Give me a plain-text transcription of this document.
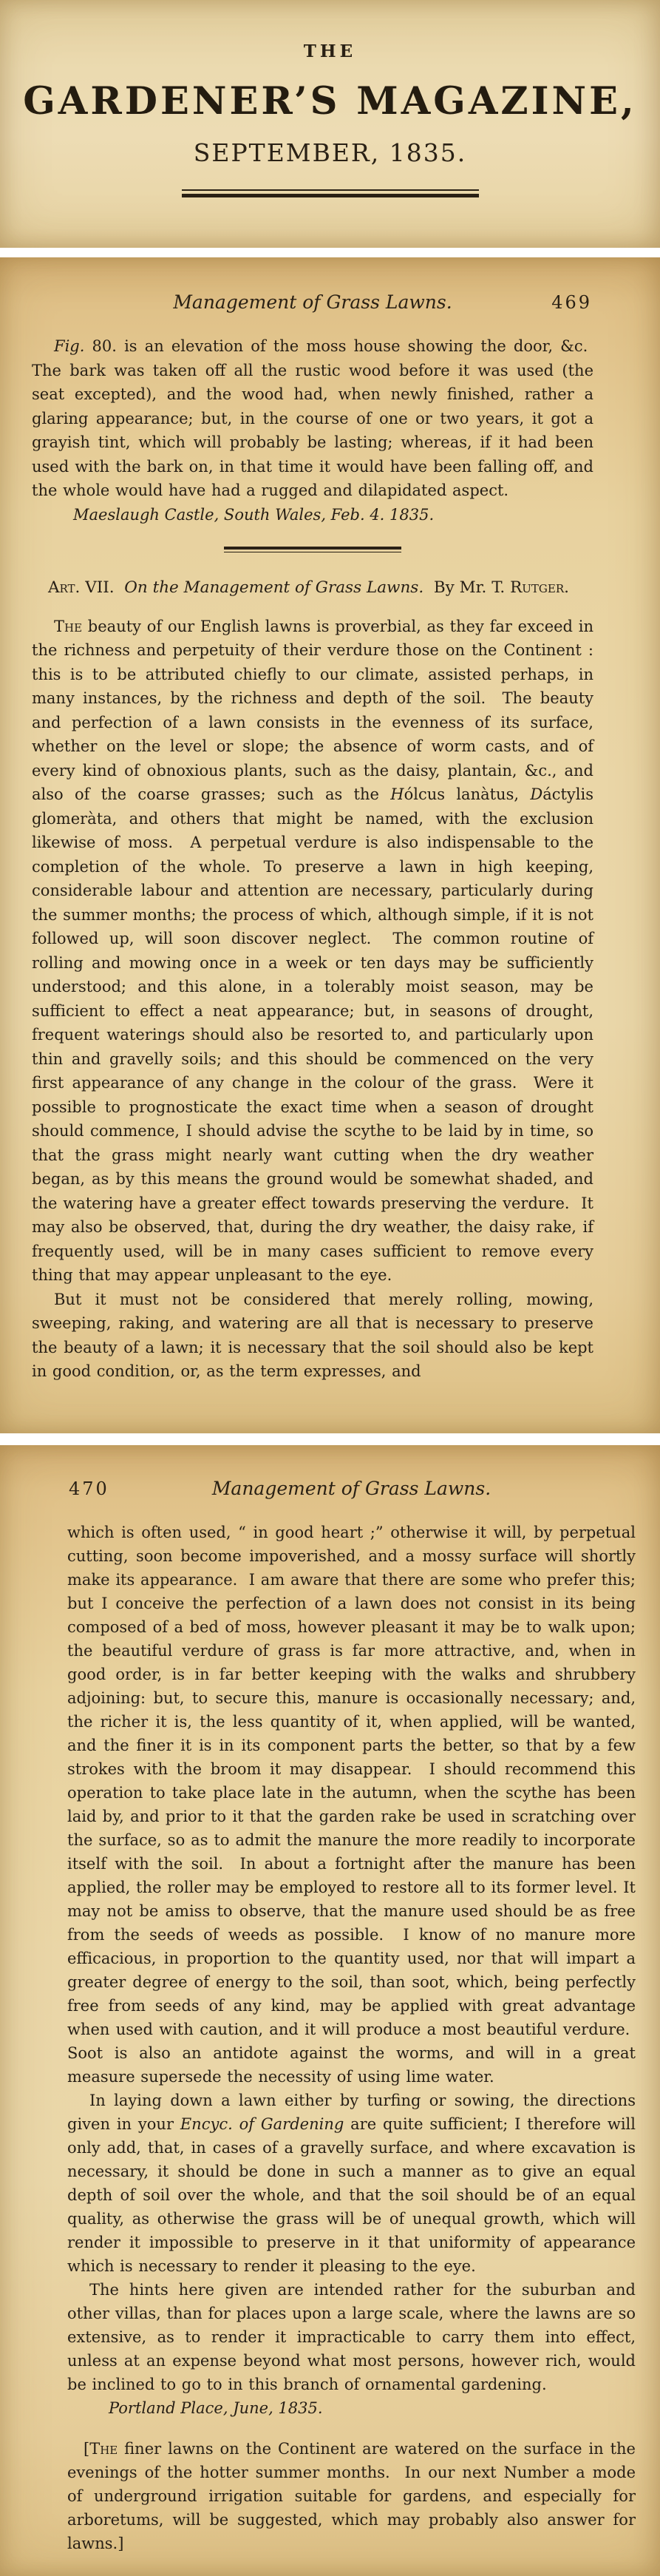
THE
GARDENER’S MAGAZINE,
SEPTEMBER, 1835.
Management of Grass Lawns.	469

Fig. 80. is an elevation of the moss house showing the door, &c.  The bark was taken off all the rustic wood before it was used (the seat excepted), and the wood had, when newly finished, rather a glaring appearance; but, in the course of one or two years, it got a grayish tint, which will probably be lasting; whereas, if it had been used with the bark on, in that time it would have been falling off, and the whole would have had a rugged and dilapidated aspect.

Maeslaugh Castle, South Wales, Feb. 4. 1835.

Art. VII.  On the Management of Grass Lawns.  By Mr. T. Rutger.

The beauty of our English lawns is proverbial, as they far exceed in the richness and perpetuity of their verdure those on the Continent : this is to be attributed chiefly to our climate, assisted perhaps, in many instances, by the richness and depth of the soil.  The beauty and perfection of a lawn consists in the evenness of its surface, whether on the level or slope; the absence of worm casts, and of every kind of obnoxious plants, such as the daisy, plantain, &c., and also of the coarse grasses; such as the Hólcus lanàtus, Dáctylis glomeràta, and others that might be named, with the exclusion likewise of moss.  A perpetual verdure is also indispensable to the completion of the whole. To preserve a lawn in high keeping, considerable labour and attention are necessary, particularly during the summer months; the process of which, although simple, if it is not followed up, will soon discover neglect.  The common routine of rolling and mowing once in a week or ten days may be sufficiently understood; and this alone, in a tolerably moist season, may be sufficient to effect a neat appearance; but, in seasons of drought, frequent waterings should also be resorted to, and particularly upon thin and gravelly soils; and this should be commenced on the very first appearance of any change in the colour of the grass.  Were it possible to prognosticate the exact time when a season of drought should commence, I should advise the scythe to be laid by in time, so that the grass might nearly want cutting when the dry weather began, as by this means the ground would be somewhat shaded, and the watering have a greater effect towards preserving the verdure.  It may also be observed, that, during the dry weather, the daisy rake, if frequently used, will be in many cases sufficient to remove every thing that may appear unpleasant to the eye.

But it must not be considered that merely rolling, mowing, sweeping, raking, and watering are all that is necessary to preserve the beauty of a lawn; it is necessary that the soil should also be kept in good condition, or, as the term expresses, and

470	Management of Grass Lawns.

which is often used, “ in good heart ;” otherwise it will, by perpetual cutting, soon become impoverished, and a mossy surface will shortly make its appearance.  I am aware that there are some who prefer this; but I conceive the perfection of a lawn does not consist in its being composed of a bed of moss, however pleasant it may be to walk upon; the beautiful verdure of grass is far more attractive, and, when in good order, is in far better keeping with the walks and shrubbery adjoining: but, to secure this, manure is occasionally necessary; and, the richer it is, the less quantity of it, when applied, will be wanted, and the finer it is in its component parts the better, so that by a few strokes with the broom it may disappear.  I should recommend this operation to take place late in the autumn, when the scythe has been laid by, and prior to it that the garden rake be used in scratching over the surface, so as to admit the manure the more readily to incorporate itself with the soil.  In about a fortnight after the manure has been applied, the roller may be employed to restore all to its former level. It may not be amiss to observe, that the manure used should be as free from the seeds of weeds as possible.  I know of no manure more efficacious, in proportion to the quantity used, nor that will impart a greater degree of energy to the soil, than soot, which, being perfectly free from seeds of any kind, may be applied with great advantage when used with caution, and it will produce a most beautiful verdure.  Soot is also an antidote against the worms, and will in a great measure supersede the necessity of using lime water.

In laying down a lawn either by turfing or sowing, the directions given in your Encyc. of Gardening are quite sufficient; I therefore will only add, that, in cases of a gravelly surface, and where excavation is necessary, it should be done in such a manner as to give an equal depth of soil over the whole, and that the soil should be of an equal quality, as otherwise the grass will be of unequal growth, which will render it impossible to preserve in it that uniformity of appearance which is necessary to render it pleasing to the eye.

The hints here given are intended rather for the suburban and other villas, than for places upon a large scale, where the lawns are so extensive, as to render it impracticable to carry them into effect, unless at an expense beyond what most persons, however rich, would be inclined to go to in this branch of ornamental gardening.

Portland Place, June, 1835.

[The finer lawns on the Continent are watered on the surface in the evenings of the hotter summer months.  In our next Number a mode of underground irrigation suitable for gardens, and especially for arboretums, will be suggested, which may probably also answer for lawns.]
